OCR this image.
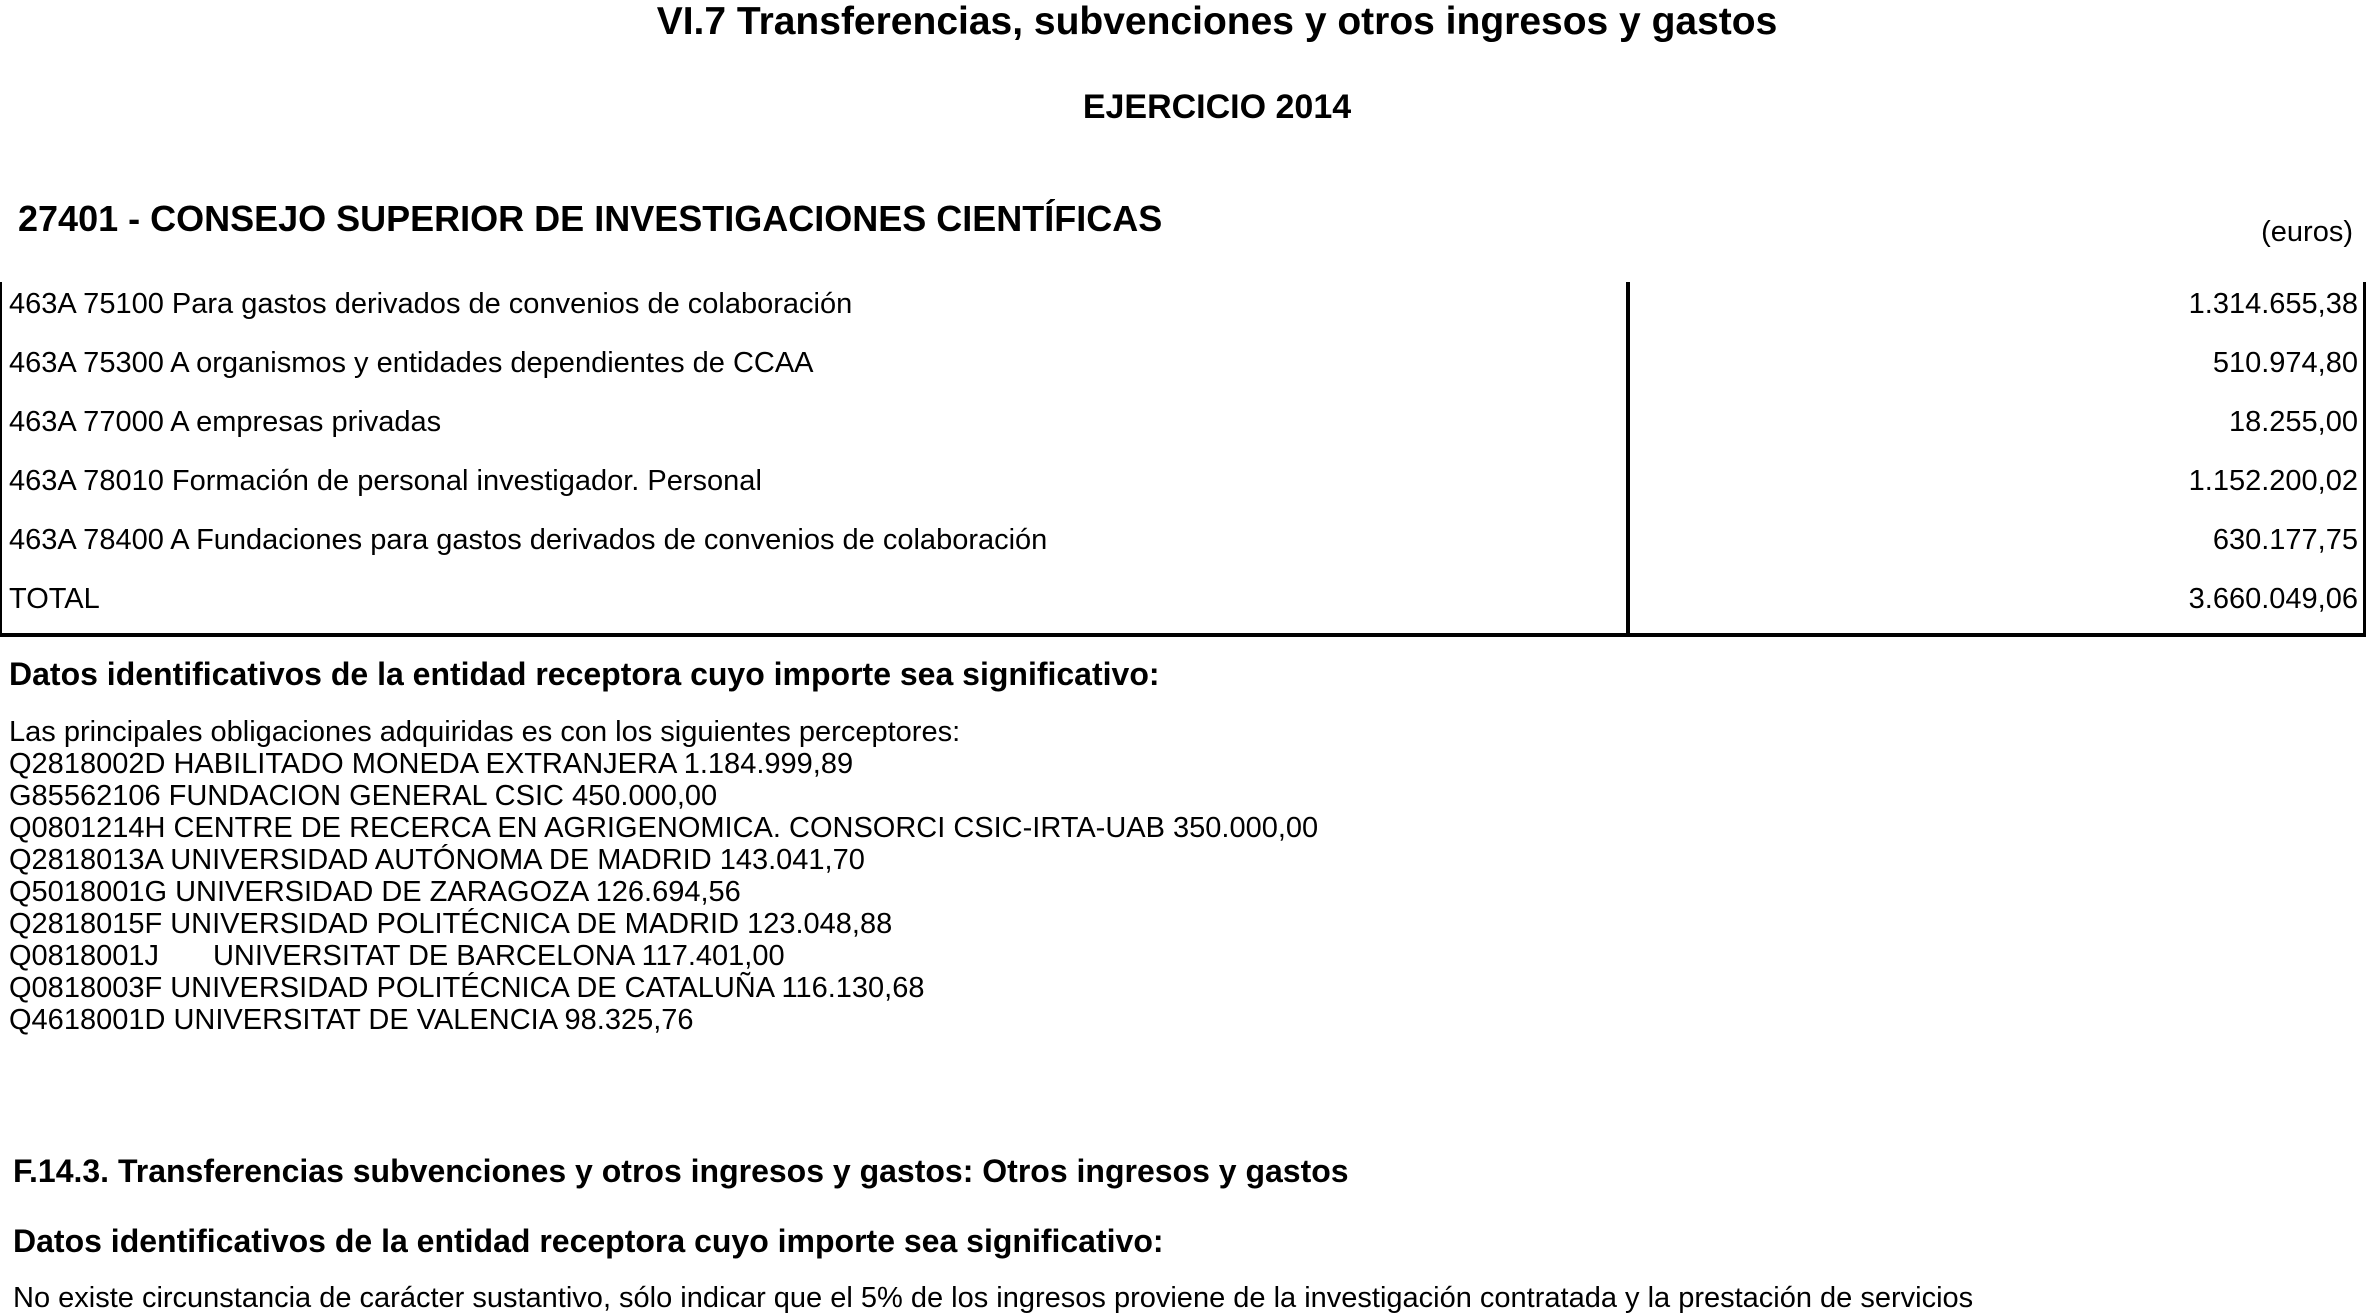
VI.7 Transferencias, subvenciones y otros ingresos y gastos
EJERCICIO 2014
27401 - CONSEJO SUPERIOR DE INVESTIGACIONES CIENTÍFICAS	(euros)
463A 75100 Para gastos derivados de convenios de colaboración	1.314.655,38
463A 75300 A organismos y entidades dependientes de CCAA	510.974,80
463A 77000 A empresas privadas	18.255,00
463A 78010 Formación de personal investigador. Personal	1.152.200,02
463A 78400 A Fundaciones para gastos derivados de convenios de colaboración	630.177,75
TOTAL	3.660.049,06
Datos identificativos de la entidad receptora cuyo importe sea significativo:
Las principales obligaciones adquiridas es con los siguientes perceptores:
Q2818002D HABILITADO MONEDA EXTRANJERA 1.184.999,89
G85562106 FUNDACION GENERAL CSIC 450.000,00
Q0801214H CENTRE DE RECERCA EN AGRIGENOMICA. CONSORCI CSIC-IRTA-UAB 350.000,00
Q2818013A UNIVERSIDAD AUTÓNOMA DE MADRID 143.041,70
Q5018001G UNIVERSIDAD DE ZARAGOZA 126.694,56
Q2818015F UNIVERSIDAD POLITÉCNICA DE MADRID 123.048,88
Q0818001J UNIVERSITAT DE BARCELONA 117.401,00
Q0818003F UNIVERSIDAD POLITÉCNICA DE CATALUÑA 116.130,68
Q4618001D UNIVERSITAT DE VALENCIA 98.325,76
F.14.3. Transferencias subvenciones y otros ingresos y gastos: Otros ingresos y gastos
Datos identificativos de la entidad receptora cuyo importe sea significativo:
No existe circunstancia de carácter sustantivo, sólo indicar que el 5% de los ingresos proviene de la investigación contratada y la prestación de servicios
